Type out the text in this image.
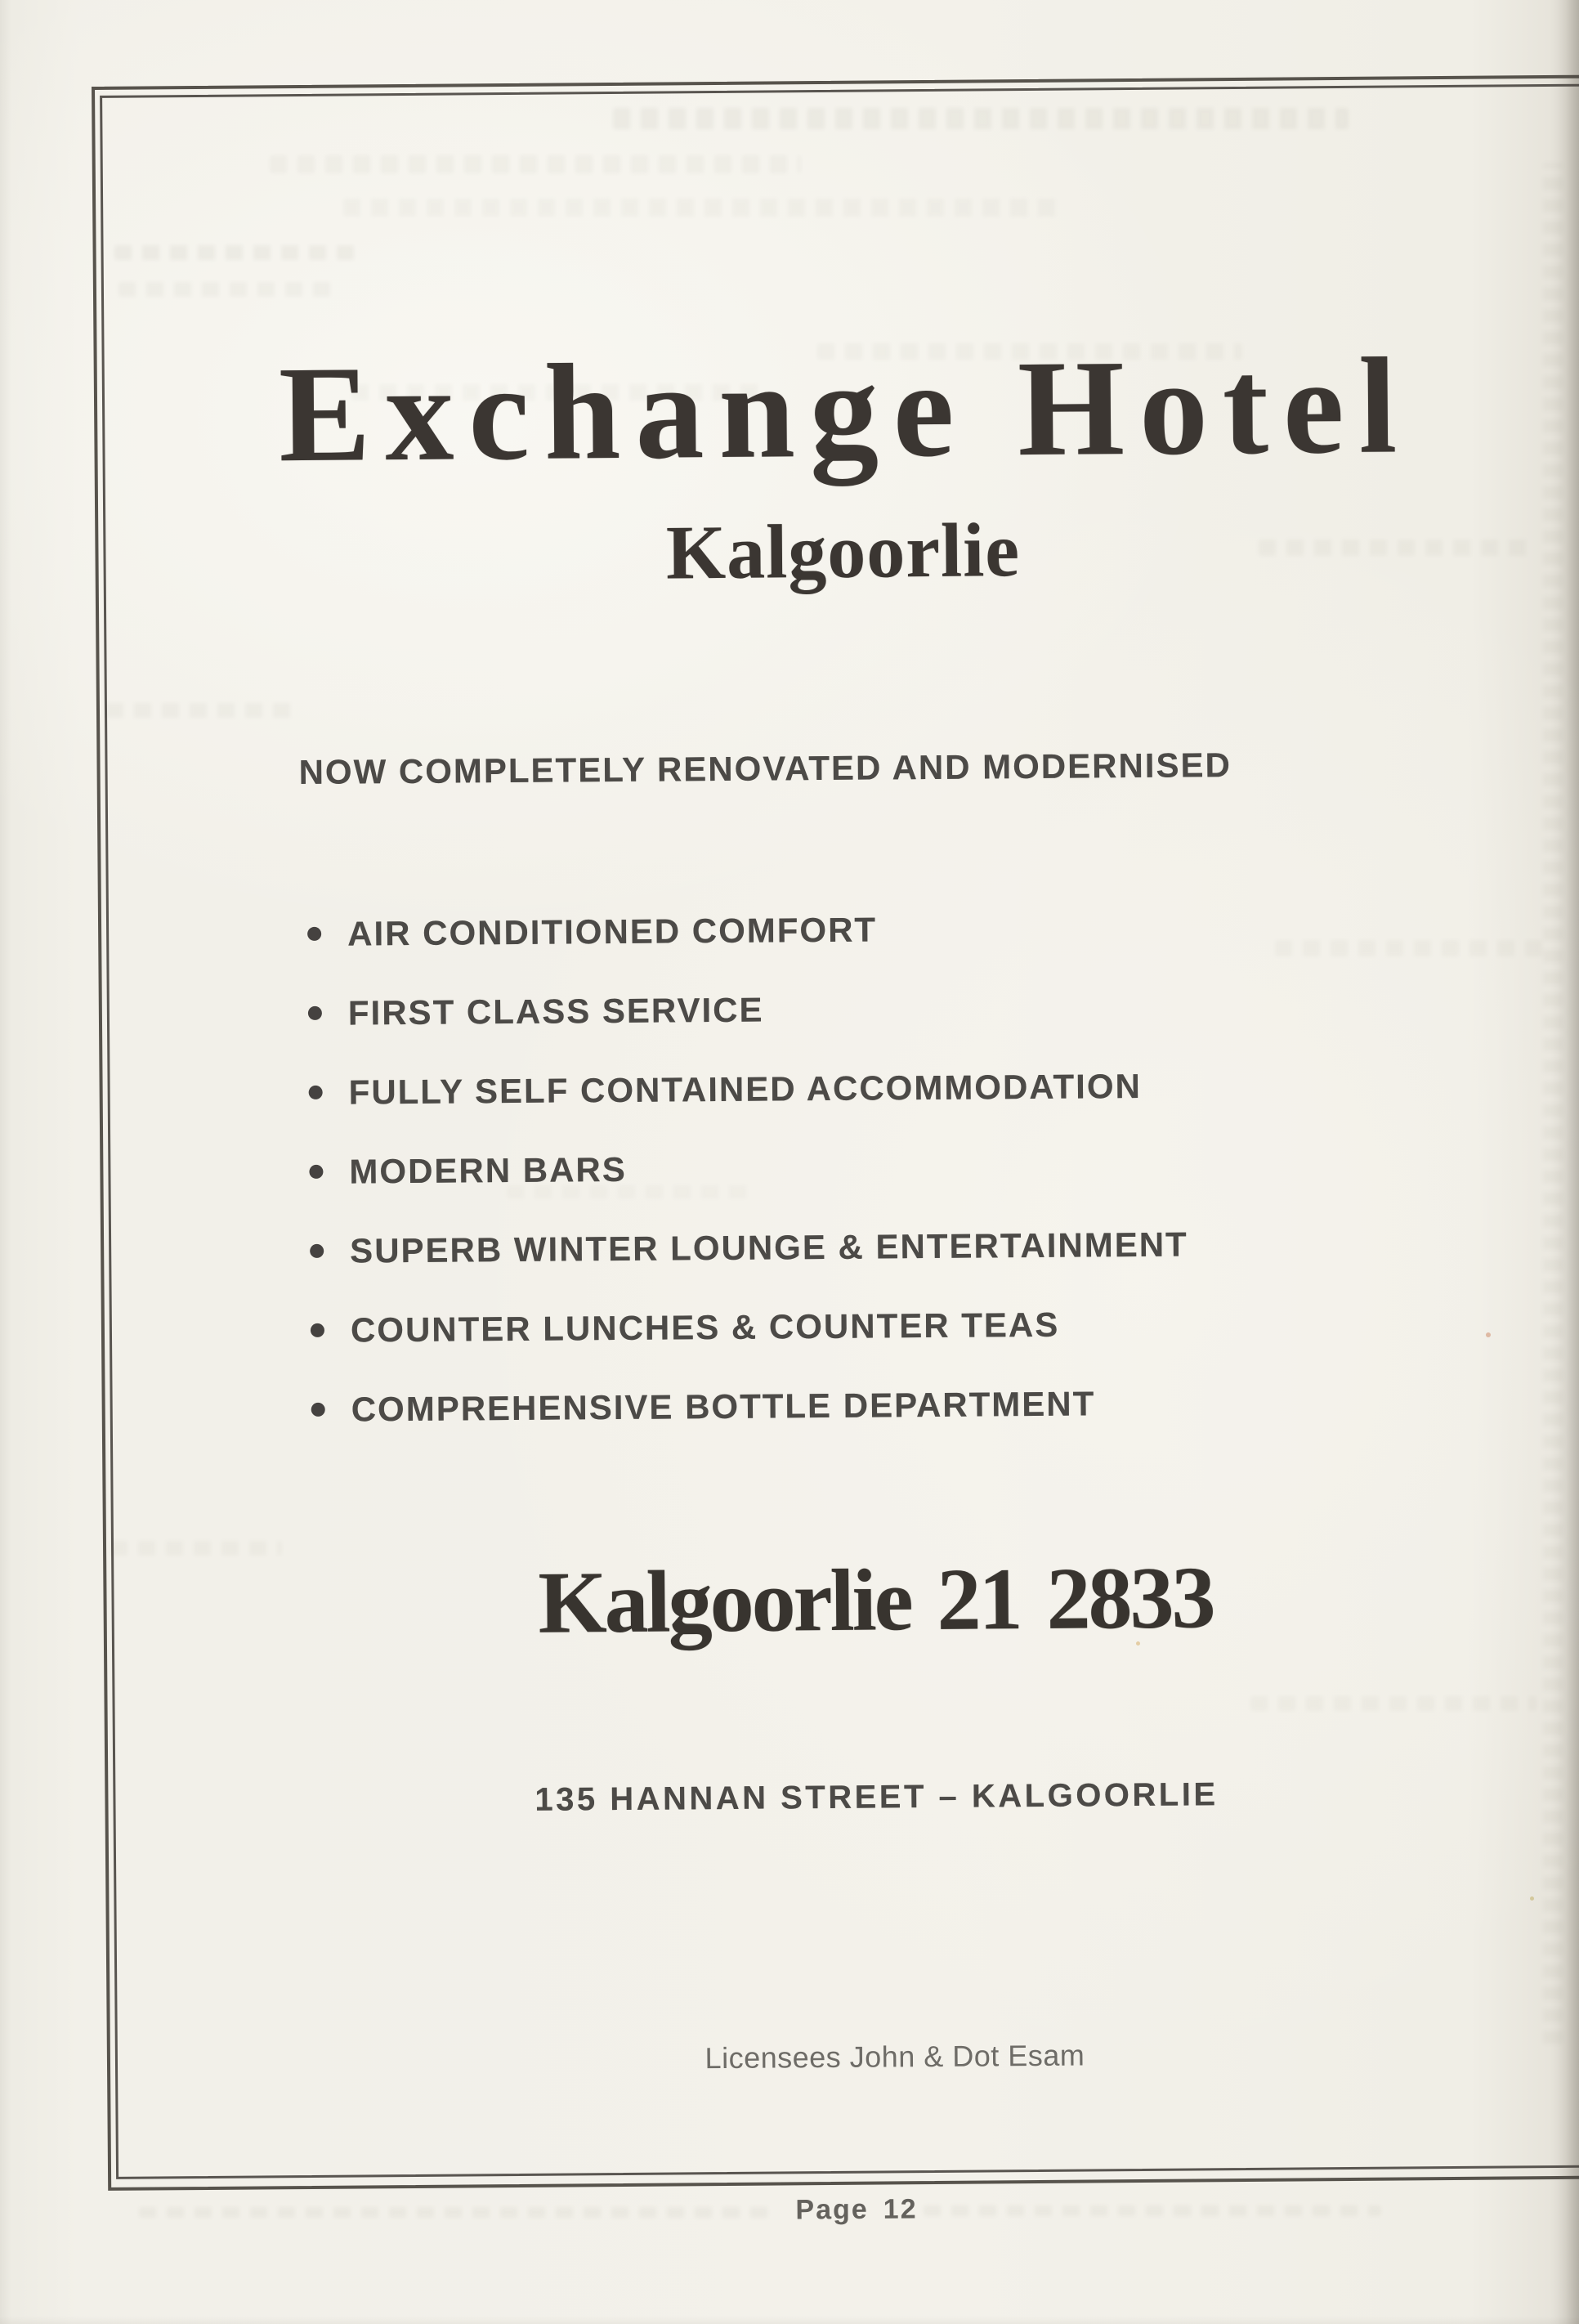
Exchange Hotel
Kalgoorlie
NOW COMPLETELY RENOVATED AND MODERNISED
AIR CONDITIONED COMFORT
FIRST CLASS SERVICE
FULLY SELF CONTAINED ACCOMMODATION
MODERN BARS
SUPERB WINTER LOUNGE & ENTERTAINMENT
COUNTER LUNCHES & COUNTER TEAS
COMPREHENSIVE BOTTLE DEPARTMENT
Kalgoorlie 21 2833
135 HANNAN STREET – KALGOORLIE
Licensees John & Dot Esam
Page 12
